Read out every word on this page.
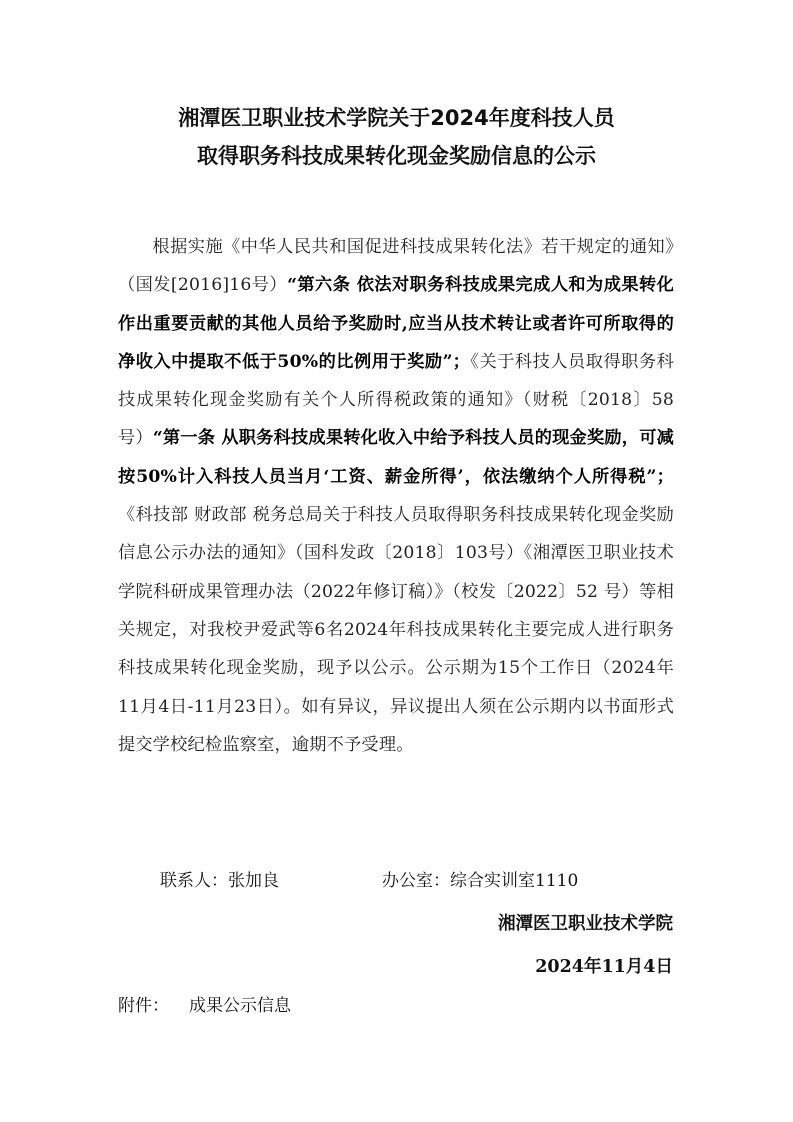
湘潭医卫职业技术学院关于2024年度科技人员
取得职务科技成果转化现金奖励信息的公示

根据实施《中华人民共和国促进科技成果转化法》若干规定的通知》（国发[2016]16号）“第六条 依法对职务科技成果完成人和为成果转化作出重要贡献的其他人员给予奖励时,应当从技术转让或者许可所取得的净收入中提取不低于50%的比例用于奖励”；《关于科技人员取得职务科技成果转化现金奖励有关个人所得税政策的通知》（财税〔2018〕58号）“第一条 从职务科技成果转化收入中给予科技人员的现金奖励，可减按50%计入科技人员当月‘工资、薪金所得’，依法缴纳个人所得税”；《科技部 财政部 税务总局关于科技人员取得职务科技成果转化现金奖励信息公示办法的通知》（国科发政〔2018〕103号）《湘潭医卫职业技术学院科研成果管理办法（2022年修订稿）》（校发〔2022〕52 号）等相关规定，对我校尹爱武等6名2024年科技成果转化主要完成人进行职务科技成果转化现金奖励，现予以公示。公示期为15个工作日（2024年11月4日-11月23日）。如有异议，异议提出人须在公示期内以书面形式提交学校纪检监察室，逾期不予受理。

联系人：张加良	办公室：综合实训室1110

湘潭医卫职业技术学院

2024年11月4日

附件： 成果公示信息
